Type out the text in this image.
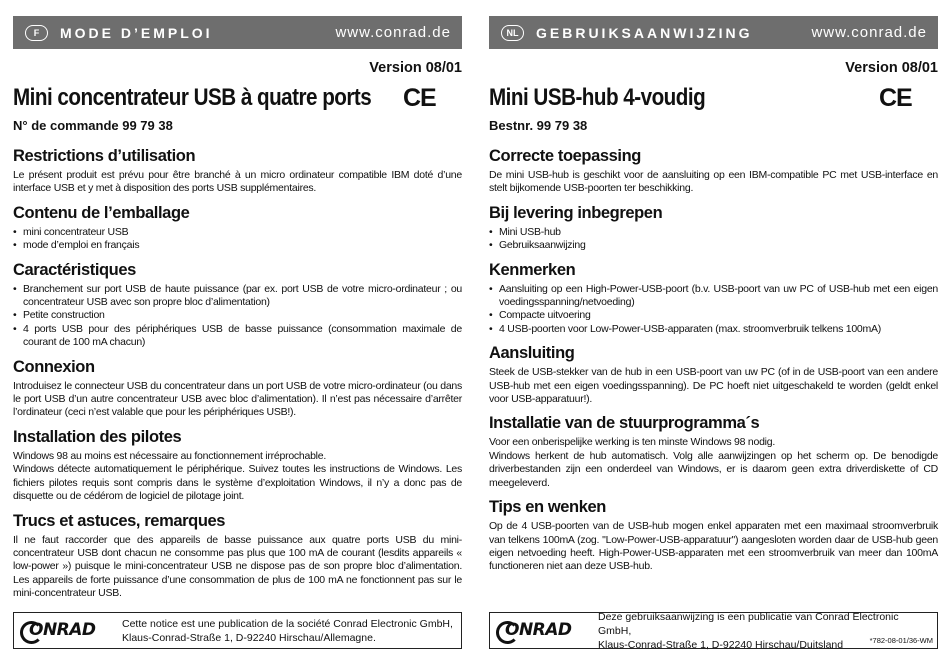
F	MODE D’EMPLOI	www.conrad.de
Version 08/01
Mini concentrateur USB à quatre ports CE
N° de commande 99 79 38
Restrictions d’utilisation

Le présent produit est prévu pour être branché à un micro ordinateur compatible IBM doté d’une interface USB et y met à disposition des ports USB supplémentaires.

Contenu de l’emballage
• mini concentrateur USB
• mode d’emploi en français
Caractéristiques
• Branchement sur port USB de haute puissance (par ex. port USB de votre micro-ordinateur ; ou concentrateur USB avec son propre bloc d’alimentation)
• Petite construction
• 4 ports USB pour des périphériques USB de basse puissance (consommation maximale de courant de 100 mA chacun)
Connexion

Introduisez le connecteur USB du concentrateur dans un port USB de votre micro-ordinateur (ou dans le port USB d’un autre concentrateur USB avec bloc d’alimentation). Il n’est pas nécessaire d’arrêter l’ordinateur (ceci n’est valable que pour les périphériques USB!).

Installation des pilotes

Windows 98 au moins est nécessaire au fonctionnement irréprochable.

Windows détecte automatiquement le périphérique. Suivez toutes les instructions de Windows. Les fichiers pilotes requis sont compris dans le système d’exploitation Windows, il n’y a donc pas de disquette ou de cédérom de logiciel de pilotage joint.

Trucs et astuces, remarques

Il ne faut raccorder que des appareils de basse puissance aux quatre ports USB du mini-concentrateur USB dont chacun ne consomme pas plus que 100 mA de courant (lesdits appareils « low-power ») puisque le mini-concentrateur USB ne dispose pas de son propre bloc d’alimentation. Les appareils de forte puissance d’une consommation de plus de 100 mA ne fonctionnent pas sur le mini-concentrateur USB.

ONRAD	Cette notice est une publication de la société Conrad Electronic GmbH,
Klaus-Conrad-Straße 1, D-92240 Hirschau/Allemagne.
NL	GEBRUIKSAANWIJZING	www.conrad.de
Version 08/01
Mini USB-hub 4-voudig	CE
Bestnr. 99 79 38
Correcte toepassing

De mini USB-hub is geschikt voor de aansluiting op een IBM-compatible PC met USB-interface en stelt bijkomende USB-poorten ter beschikking.

Bij levering inbegrepen
• Mini USB-hub
• Gebruiksaanwijzing
Kenmerken
• Aansluiting op een High-Power-USB-poort (b.v. USB-poort van uw PC of USB-hub met een eigen voedingsspanning/netvoeding)
• Compacte uitvoering
• 4 USB-poorten voor Low-Power-USB-apparaten (max. stroomverbruik telkens 100mA)
Aansluiting

Steek de USB-stekker van de hub in een USB-poort van uw PC (of in de USB-poort van een andere USB-hub met een eigen voedingsspanning). De PC hoeft niet uitgeschakeld te worden (geldt enkel voor USB-apparatuur!).

Installatie van de stuurprogramma´s

Voor een onberispelijke werking is ten minste Windows 98 nodig.

Windows herkent de hub automatisch. Volg alle aanwijzingen op het scherm op. De benodigde driverbestanden zijn een onderdeel van Windows, er is daarom geen extra driverdiskette of CD meegeleverd.

Tips en wenken

Op de 4 USB-poorten van de USB-hub mogen enkel apparaten met een maximaal stroomverbruik van telkens 100mA (zog. "Low-Power-USB-apparatuur") aangesloten worden daar de USB-hub geen eigen netvoeding heeft. High-Power-USB-apparaten met een stroomverbruik van meer dan 100mA functioneren niet aan deze USB-hub.

ONRAD
Deze gebruiksaanwijzing is een publicatie van Conrad Electronic GmbH,
Klaus-Conrad-Straße 1, D-92240 Hirschau/Duitsland	*782-08-01/36-WM
